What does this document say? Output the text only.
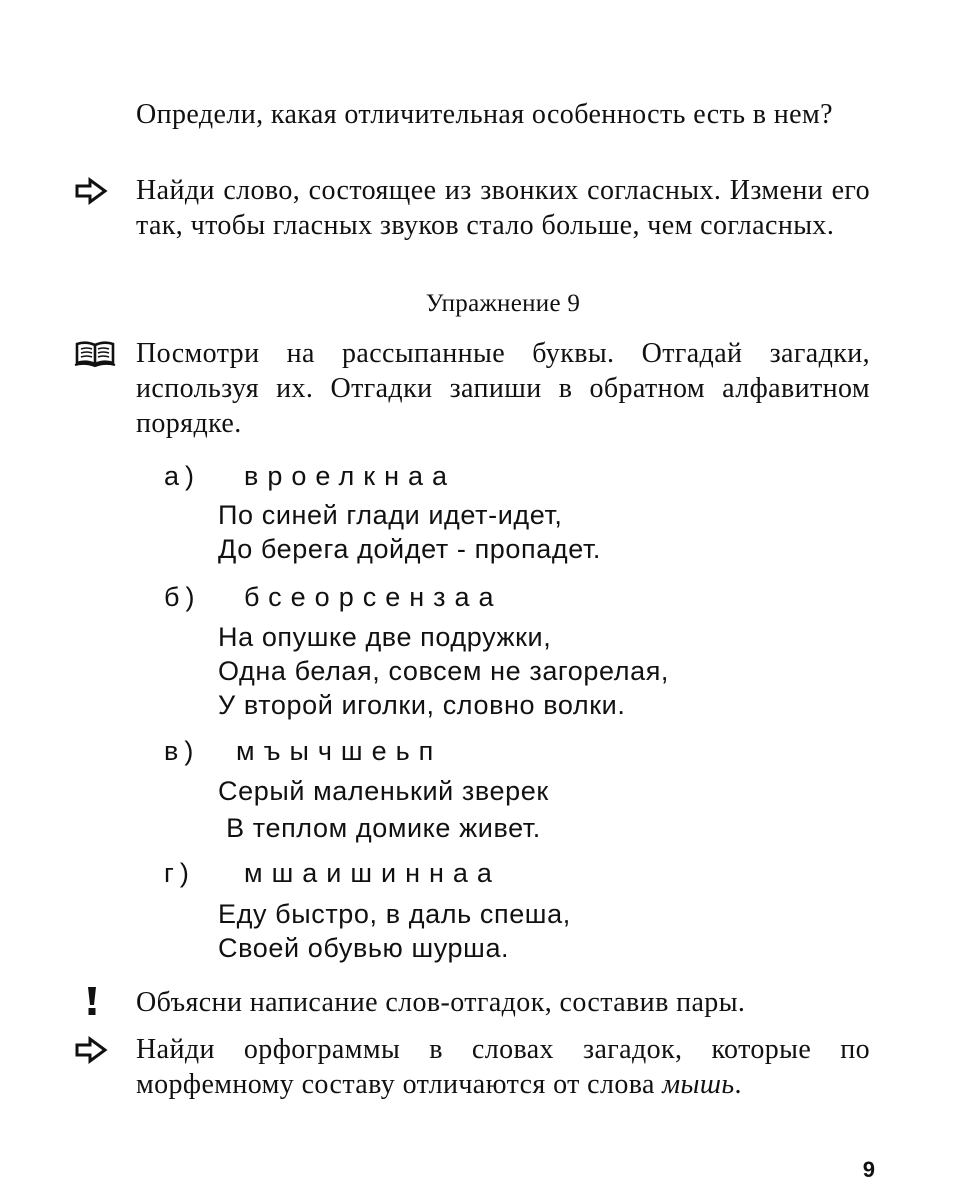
Определи, какая отличительная особенность есть в нем?
Найди слово, состоящее из звонких согласных. Измени его так, чтобы гласных звуков стало больше, чем согласных.
Упражнение 9
Посмотри на рассыпанные буквы. Отгадай загадки, используя их. Отгадки запиши в обратном алфавитном порядке.
а) вроелкнаа
По синей глади идет-идет,
До берега дойдет - пропадет.
б) бсеорсензаа
На опушке две подружки,
Одна белая, совсем не загорелая,
У второй иголки, словно волки.
в) мъычшеьп
Серый маленький зверек
В теплом домике живет.
г) мшаишиннаа
Еду быстро, в даль спеша,
Своей обувью шурша.
Объясни написание слов-отгадок, составив пары.
Найди орфограммы в словах загадок, которые по морфемному составу отличаются от слова мышь.
9
